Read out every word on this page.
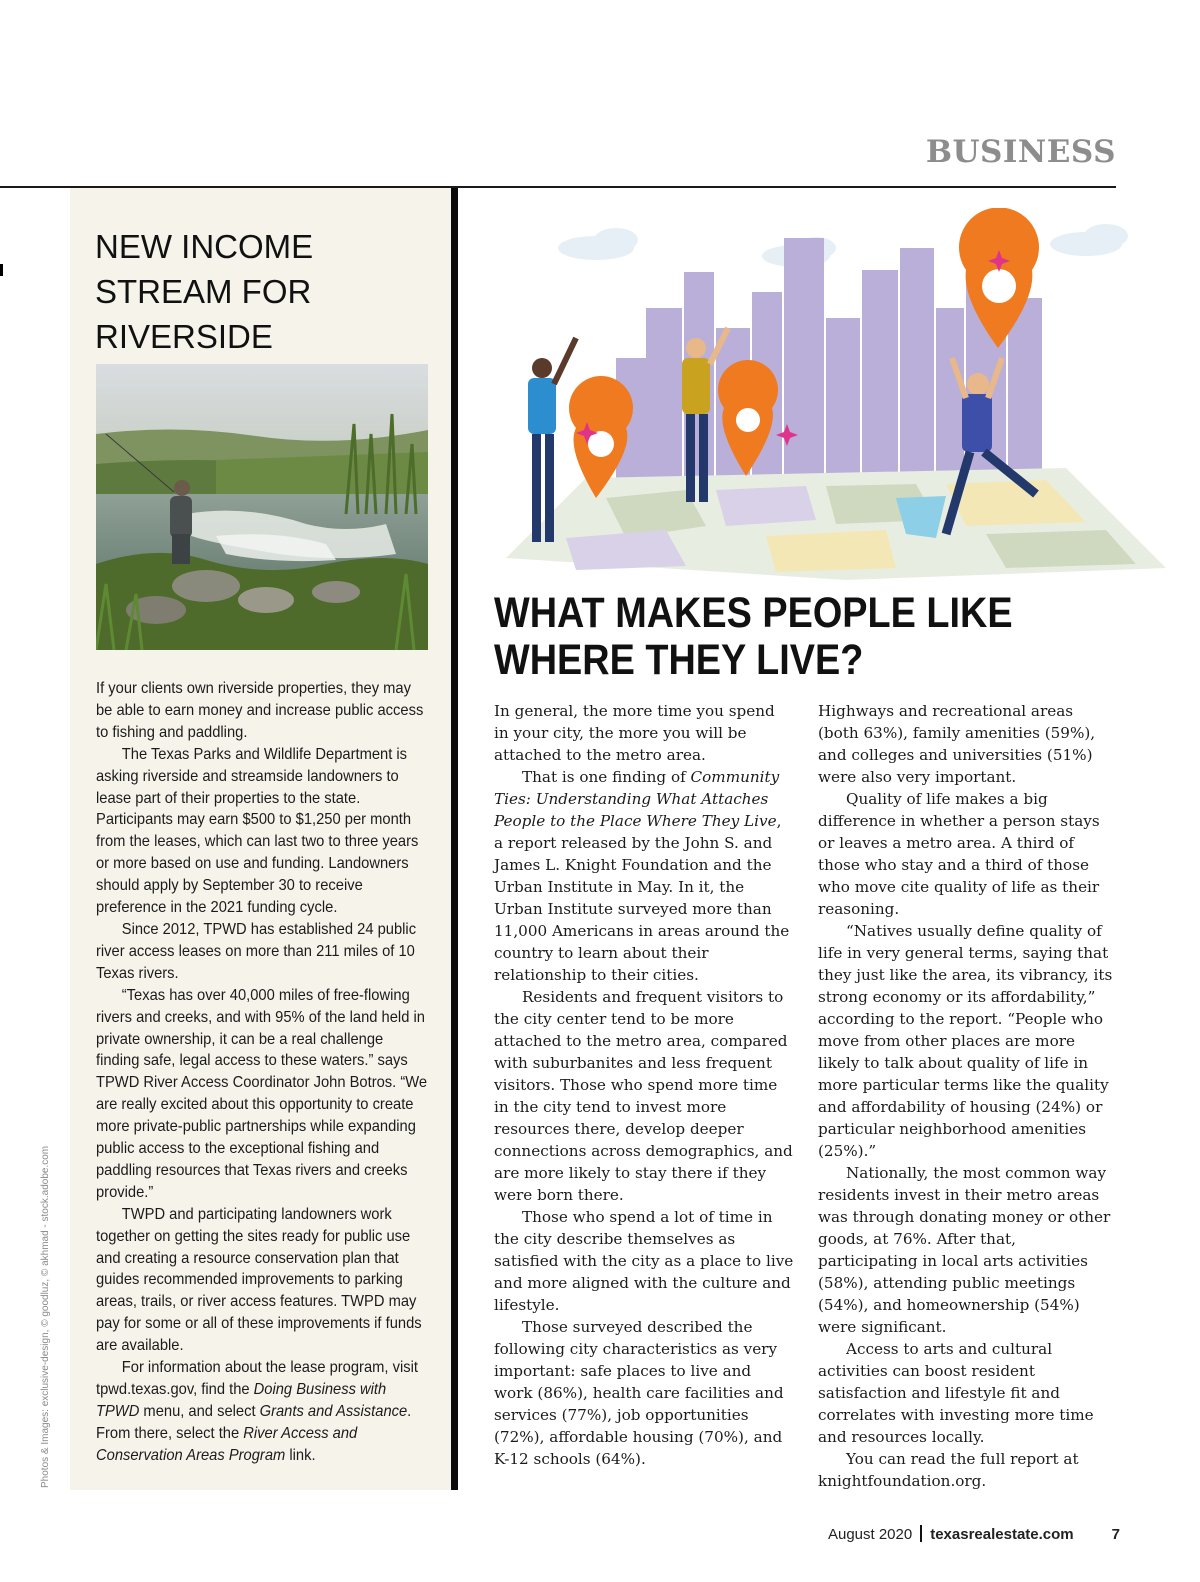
BUSINESS
NEW INCOME STREAM FOR RIVERSIDE

If your clients own riverside properties, they may be able to earn money and increase public access to fishing and paddling.

The Texas Parks and Wildlife Department is asking riverside and streamside landowners to lease part of their properties to the state. Participants may earn $500 to $1,250 per month from the leases, which can last two to three years or more based on use and funding. Landowners should apply by September 30 to receive preference in the 2021 funding cycle.

Since 2012, TPWD has established 24 public river access leases on more than 211 miles of 10 Texas rivers.

“Texas has over 40,000 miles of free-flowing rivers and creeks, and with 95% of the land held in private ownership, it can be a real challenge finding safe, legal access to these waters.” says TPWD River Access Coordinator John Botros. “We are really excited about this opportunity to create more private-public partnerships while expanding public access to the exceptional fishing and paddling resources that Texas rivers and creeks provide.”

TWPD and participating landowners work together on getting the sites ready for public use and creating a resource conservation plan that guides recommended improvements to parking areas, trails, or river access features. TWPD may pay for some or all of these improvements if funds are available.

For information about the lease program, visit tpwd.texas.gov, find the Doing Business with TPWD menu, and select Grants and Assistance. From there, select the River Access and Conservation Areas Program link.

Photos & Images: exclusive-design, © goodluz, © akhmad - stock.adobe.com
WHAT MAKES PEOPLE LIKE
WHERE THEY LIVE?

In general, the more time you spend in your city, the more you will be attached to the metro area.

That is one finding of Community Ties: Understanding What Attaches People to the Place Where They Live, a report released by the John S. and James L. Knight Foundation and the Urban Institute in May. In it, the Urban Institute surveyed more than 11,000 Americans in areas around the country to learn about their relationship to their cities.

Residents and frequent visitors to the city center tend to be more attached to the metro area, compared with suburbanites and less frequent visitors. Those who spend more time in the city tend to invest more resources there, develop deeper connections across demographics, and are more likely to stay there if they were born there.

Those who spend a lot of time in the city describe themselves as satisfied with the city as a place to live and more aligned with the culture and lifestyle.

Those surveyed described the following city characteristics as very important: safe places to live and work (86%), health care facilities and services (77%), job opportunities (72%), affordable housing (70%), and K-12 schools (64%).

Highways and recreational areas (both 63%), family amenities (59%), and colleges and universities (51%) were also very important.

Quality of life makes a big difference in whether a person stays or leaves a metro area. A third of those who stay and a third of those who move cite quality of life as their reasoning.

“Natives usually define quality of life in very general terms, saying that they just like the area, its vibrancy, its strong economy or its affordability,” according to the report. “People who move from other places are more likely to talk about quality of life in more particular terms like the quality and affordability of housing (24%) or particular neighborhood amenities (25%).”

Nationally, the most common way residents invest in their metro areas was through donating money or other goods, at 76%. After that, participating in local arts activities (58%), attending public meetings (54%), and homeownership (54%) were significant.

Access to arts and cultural activities can boost resident satisfaction and lifestyle fit and correlates with investing more time and resources locally.

You can read the full report at knightfoundation.org.

August 2020 texasrealestate.com	7
